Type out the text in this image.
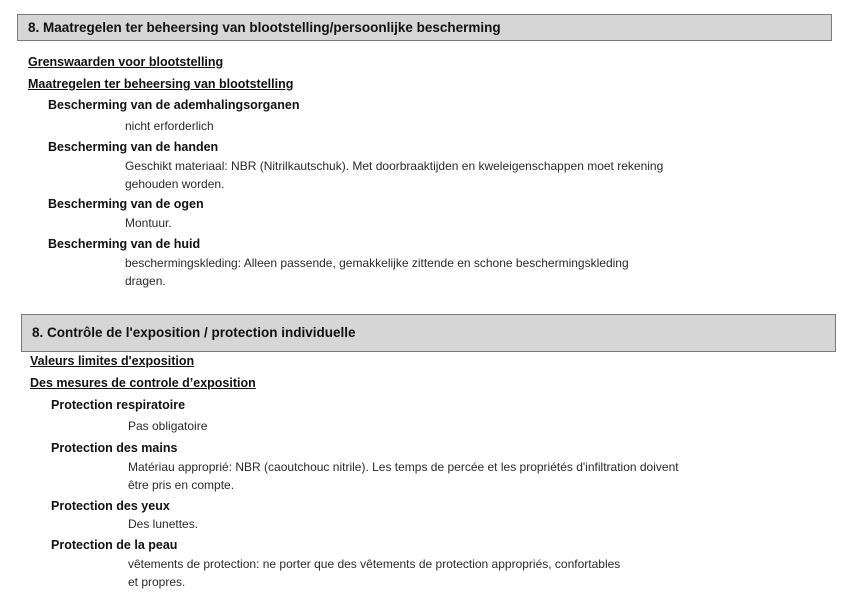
8. Maatregelen ter beheersing van blootstelling/persoonlijke bescherming
Grenswaarden voor blootstelling
Maatregelen ter beheersing van blootstelling
Bescherming van de ademhalingsorganen

nicht erforderlich

Bescherming van de handen

Geschikt materiaal: NBR (Nitrilkautschuk). Met doorbraaktijden en kweleigenschappen moet rekening
gehouden worden.

Bescherming van de ogen

Montuur.

Bescherming van de huid

beschermingskleding: Alleen passende, gemakkelijke zittende en schone beschermingskleding
dragen.

8. Contrôle de l'exposition / protection individuelle
Valeurs limites d'exposition
Des mesures de controle d’exposition
Protection respiratoire

Pas obligatoire

Protection des mains

Matériau approprié: NBR (caoutchouc nitrile). Les temps de percée et les propriétés d'infiltration doivent
être pris en compte.

Protection des yeux

Des lunettes.

Protection de la peau

vêtements de protection: ne porter que des vêtements de protection appropriés, confortables
et propres.
